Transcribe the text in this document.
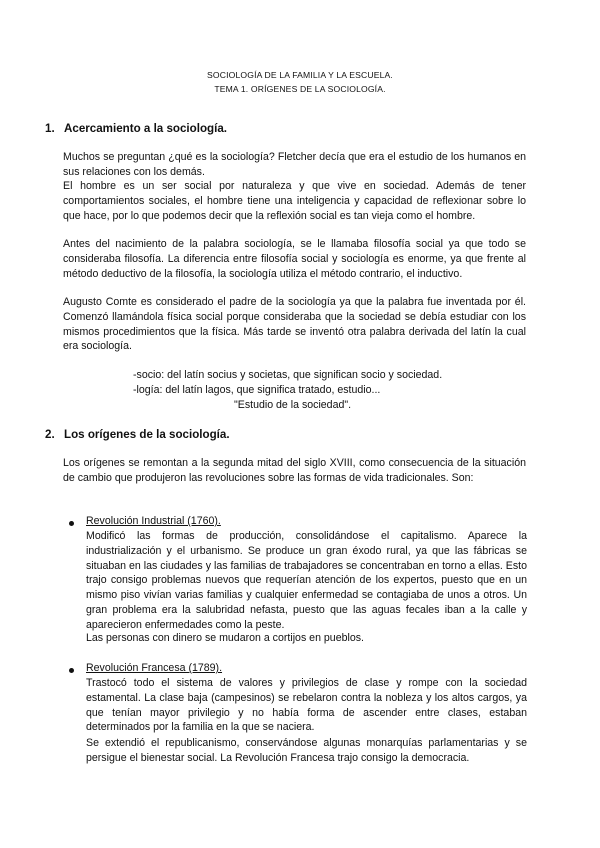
SOCIOLOGÍA DE LA FAMILIA Y LA ESCUELA.
TEMA 1. ORÍGENES DE LA SOCIOLOGÍA.
1. Acercamiento a la sociología.
Muchos se preguntan ¿qué es la sociología? Fletcher decía que era el estudio de los humanos en sus relaciones con los demás.
El hombre es un ser social por naturaleza y que vive en sociedad. Además de tener comportamientos sociales, el hombre tiene una inteligencia y capacidad de reflexionar sobre lo que hace, por lo que podemos decir que la reflexión social es tan vieja como el hombre.
Antes del nacimiento de la palabra sociología, se le llamaba filosofía social ya que todo se consideraba filosofía. La diferencia entre filosofía social y sociología es enorme, ya que frente al método deductivo de la filosofía, la sociología utiliza el método contrario, el inductivo.
Augusto Comte es considerado el padre de la sociología ya que la palabra fue inventada por él. Comenzó llamándola física social porque consideraba que la sociedad se debía estudiar con los mismos procedimientos que la física. Más tarde se inventó otra palabra derivada del latín la cual era sociología.
-socio: del latín socius y societas, que significan socio y sociedad.
-logía: del latín lagos, que significa tratado, estudio...
"Estudio de la sociedad".
2. Los orígenes de la sociología.
Los orígenes se remontan a la segunda mitad del siglo XVIII, como consecuencia de la situación de cambio que produjeron las revoluciones sobre las formas de vida tradicionales. Son:
Revolución Industrial (1760).
Modificó las formas de producción, consolidándose el capitalismo. Aparece la industrialización y el urbanismo. Se produce un gran éxodo rural, ya que las fábricas se situaban en las ciudades y las familias de trabajadores se concentraban en torno a ellas. Esto trajo consigo problemas nuevos que requerían atención de los expertos, puesto que en un mismo piso vivían varias familias y cualquier enfermedad se contagiaba de unos a otros. Un gran problema era la salubridad nefasta, puesto que las aguas fecales iban a la calle y aparecieron enfermedades como la peste.
Las personas con dinero se mudaron a cortijos en pueblos.
Revolución Francesa (1789).
Trastocó todo el sistema de valores y privilegios de clase y rompe con la sociedad estamental. La clase baja (campesinos) se rebelaron contra la nobleza y los altos cargos, ya que tenían mayor privilegio y no había forma de ascender entre clases, estaban determinados por la familia en la que se naciera.
Se extendió el republicanismo, conservándose algunas monarquías parlamentarias y se persigue el bienestar social. La Revolución Francesa trajo consigo la democracia.
